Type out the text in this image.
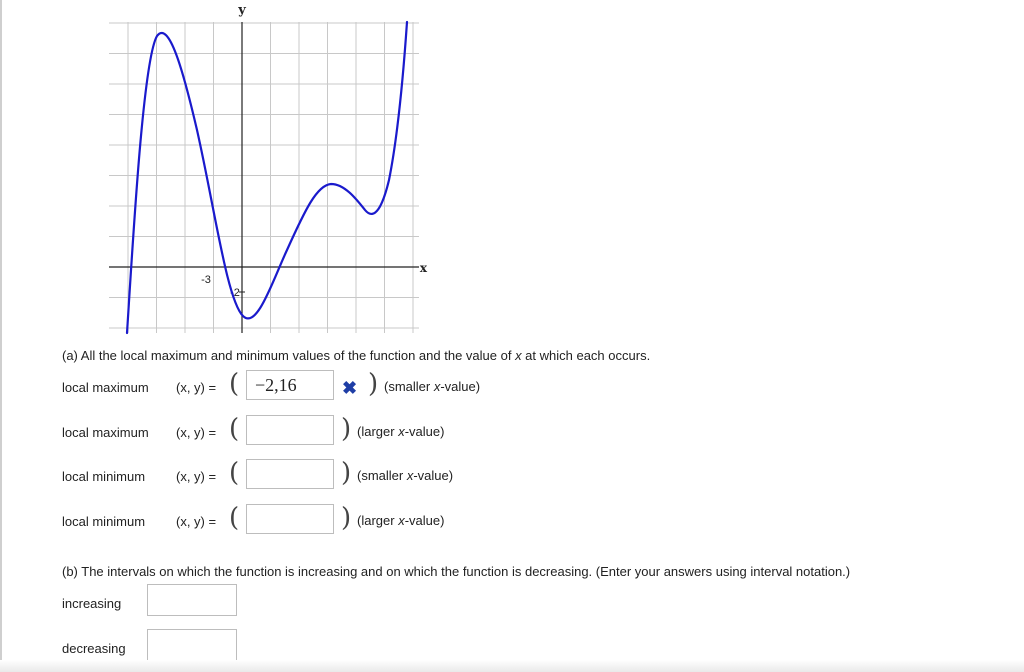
x
y
-3
-2
(a) All the local maximum and minimum values of the function and the value of x at which each occurs.
local maximum (x, y) = ( −2,16	✖ ) (smaller x-value)
local maximum (x, y) = (	) (larger x-value)
local minimum (x, y) = (	) (smaller x-value)
local minimum (x, y) = (	) (larger x-value)
(b) The intervals on which the function is increasing and on which the function is decreasing. (Enter your answers using interval notation.)
increasing
decreasing
